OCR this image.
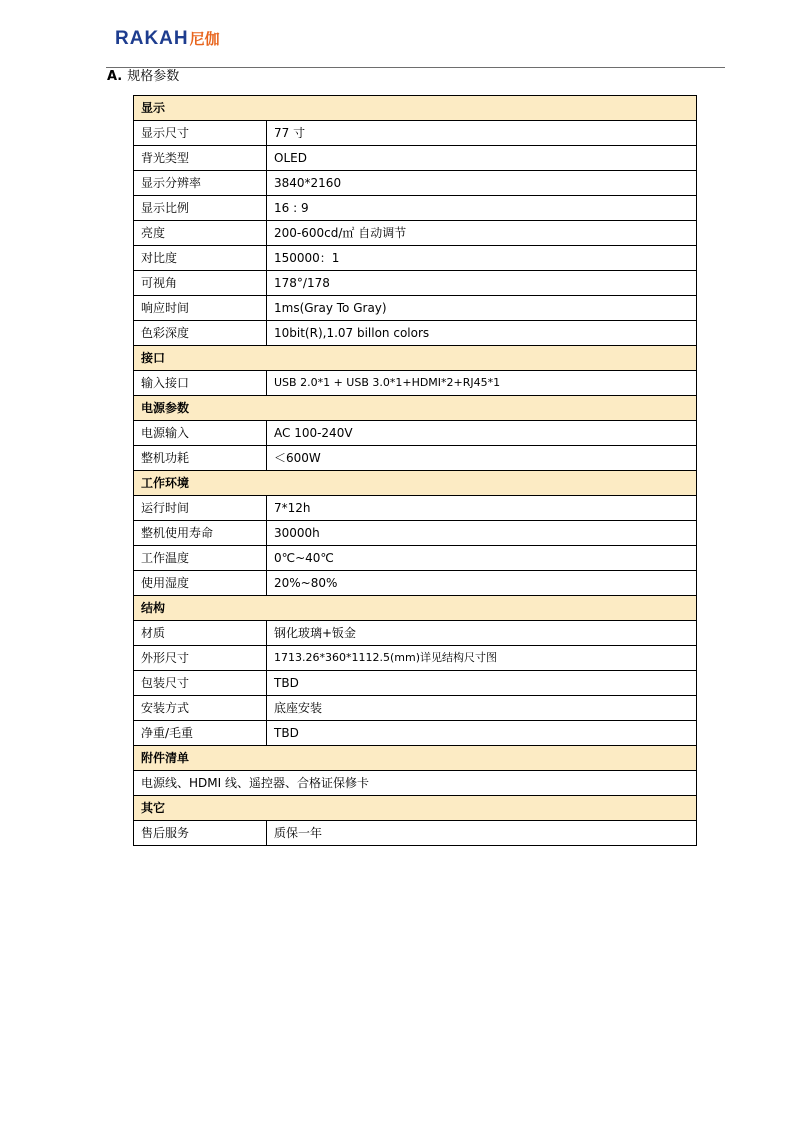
RAKAH 尼伽
A. 规格参数
显示	
显示尺寸	77 寸
背光类型	OLED
显示分辨率	3840*2160
显示比例	16 : 9
亮度	200-600cd/㎡ 自动调节
对比度	150000：1
可视角	178°/178
响应时间	1ms(Gray To Gray)
色彩深度	10bit(R),1.07 billon colors
接口	
输入接口	USB 2.0*1 + USB 3.0*1+HDMI*2+RJ45*1
电源参数	
电源输入	AC 100-240V
整机功耗	＜600W
工作环境	
运行时间	7*12h
整机使用寿命	30000h
工作温度	0℃~40℃
使用湿度	20%~80%
结构	
材质	钢化玻璃+钣金
外形尺寸	1713.26*360*1112.5(mm)详见结构尺寸图
包装尺寸	TBD
安装方式	底座安装
净重/毛重	TBD
附件清单	
电源线、HDMI 线、遥控器、合格证保修卡	
其它	
售后服务	质保一年
